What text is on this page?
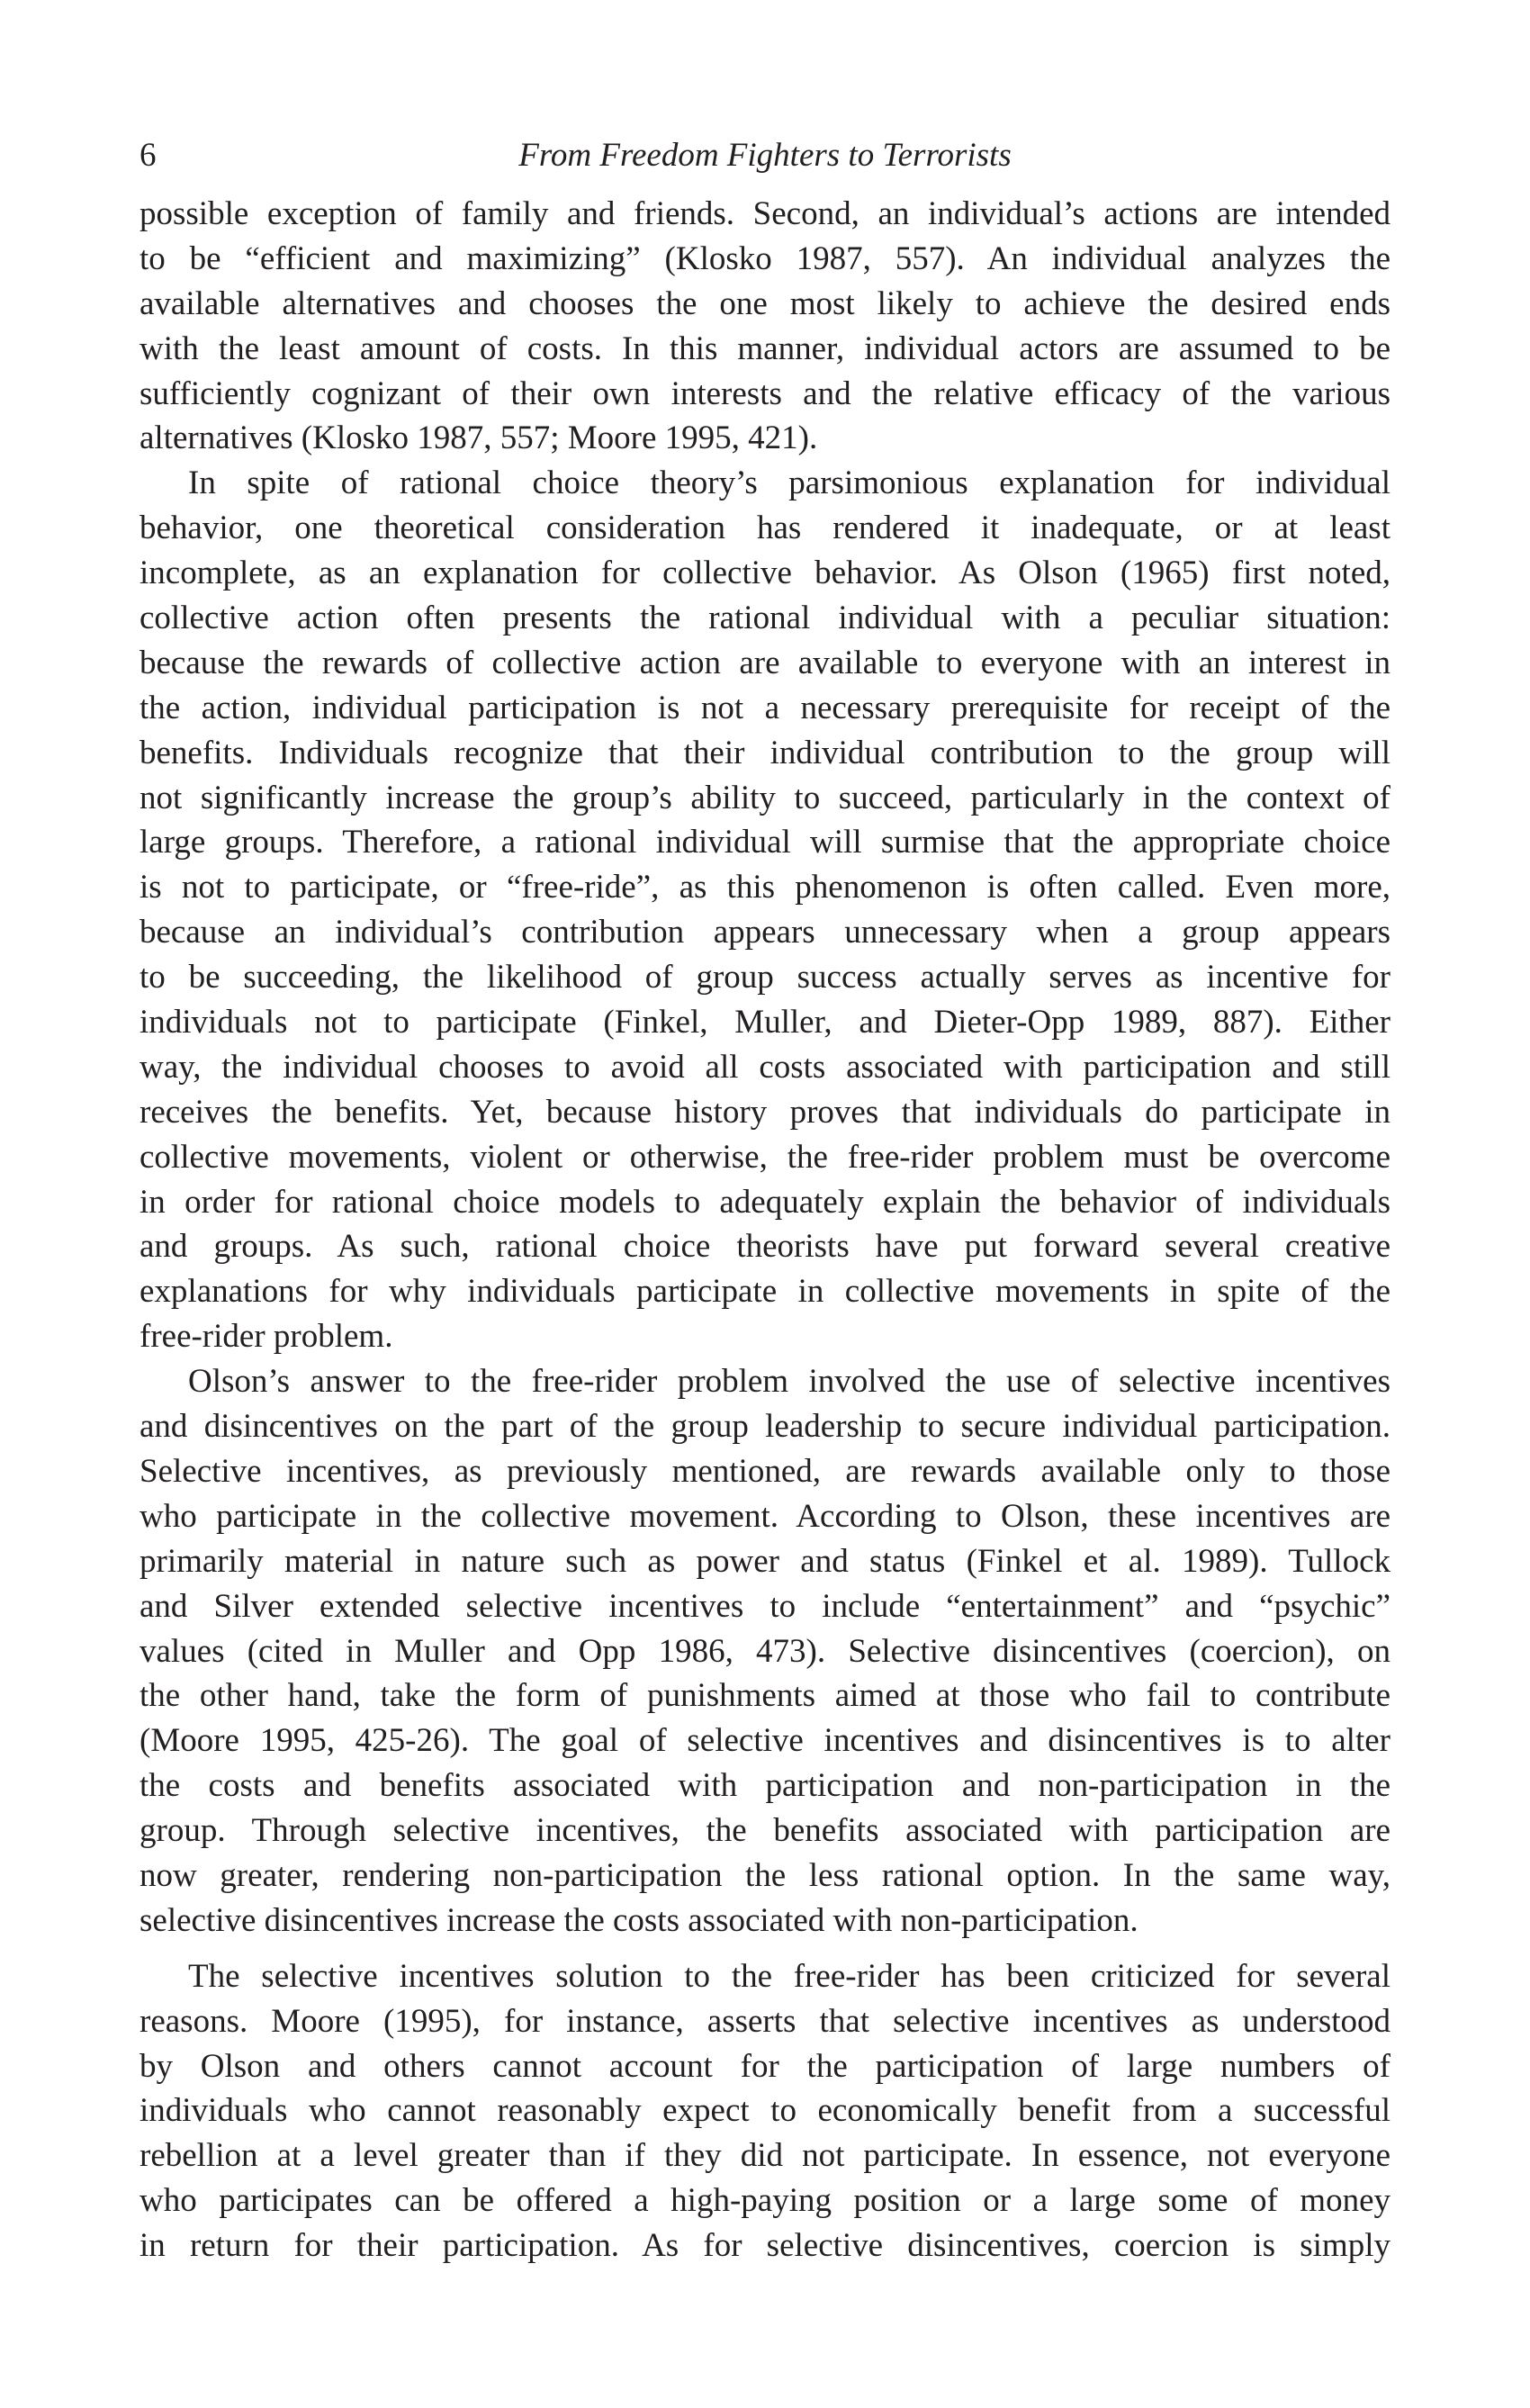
6	From Freedom Fighters to Terrorists
possible exception of family and friends. Second, an individual’s actions are intended
to be “efficient and maximizing” (Klosko 1987, 557). An individual analyzes the
available alternatives and chooses the one most likely to achieve the desired ends
with the least amount of costs. In this manner, individual actors are assumed to be
sufficiently cognizant of their own interests and the relative efficacy of the various
alternatives (Klosko 1987, 557; Moore 1995, 421).
In spite of rational choice theory’s parsimonious explanation for individual
behavior, one theoretical consideration has rendered it inadequate, or at least
incomplete, as an explanation for collective behavior. As Olson (1965) first noted,
collective action often presents the rational individual with a peculiar situation:
because the rewards of collective action are available to everyone with an interest in
the action, individual participation is not a necessary prerequisite for receipt of the
benefits. Individuals recognize that their individual contribution to the group will
not significantly increase the group’s ability to succeed, particularly in the context of
large groups. Therefore, a rational individual will surmise that the appropriate choice
is not to participate, or “free-ride”, as this phenomenon is often called. Even more,
because an individual’s contribution appears unnecessary when a group appears
to be succeeding, the likelihood of group success actually serves as incentive for
individuals not to participate (Finkel, Muller, and Dieter-Opp 1989, 887). Either
way, the individual chooses to avoid all costs associated with participation and still
receives the benefits. Yet, because history proves that individuals do participate in
collective movements, violent or otherwise, the free-rider problem must be overcome
in order for rational choice models to adequately explain the behavior of individuals
and groups. As such, rational choice theorists have put forward several creative
explanations for why individuals participate in collective movements in spite of the
free-rider problem.
Olson’s answer to the free-rider problem involved the use of selective incentives
and disincentives on the part of the group leadership to secure individual participation.
Selective incentives, as previously mentioned, are rewards available only to those
who participate in the collective movement. According to Olson, these incentives are
primarily material in nature such as power and status (Finkel et al. 1989). Tullock
and Silver extended selective incentives to include “entertainment” and “psychic”
values (cited in Muller and Opp 1986, 473). Selective disincentives (coercion), on
the other hand, take the form of punishments aimed at those who fail to contribute
(Moore 1995, 425-26). The goal of selective incentives and disincentives is to alter
the costs and benefits associated with participation and non-participation in the
group. Through selective incentives, the benefits associated with participation are
now greater, rendering non-participation the less rational option. In the same way,
selective disincentives increase the costs associated with non-participation.
The selective incentives solution to the free-rider has been criticized for several
reasons. Moore (1995), for instance, asserts that selective incentives as understood
by Olson and others cannot account for the participation of large numbers of
individuals who cannot reasonably expect to economically benefit from a successful
rebellion at a level greater than if they did not participate. In essence, not everyone
who participates can be offered a high-paying position or a large some of money
in return for their participation. As for selective disincentives, coercion is simply
